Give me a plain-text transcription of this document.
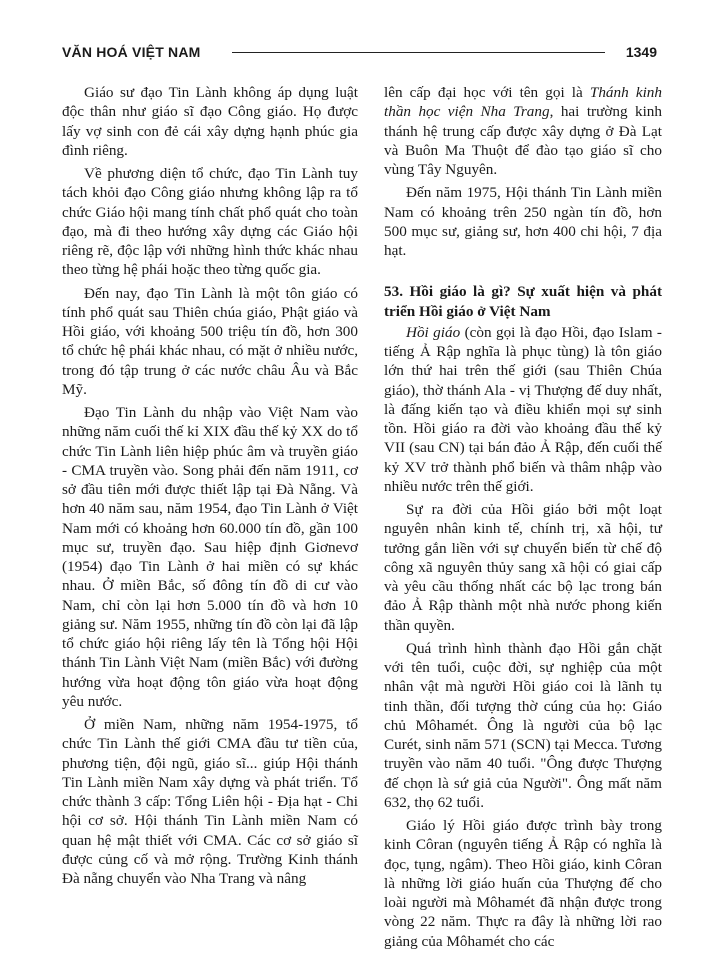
VĂN HOÁ VIỆT NAM	1349

Giáo sư đạo Tin Lành không áp dụng luật độc thân như giáo sĩ đạo Công giáo. Họ được lấy vợ sinh con đẻ cái xây dựng hạnh phúc gia đình riêng.

Về phương diện tổ chức, đạo Tin Lành tuy tách khỏi đạo Công giáo nhưng không lập ra tổ chức Giáo hội mang tính chất phổ quát cho toàn đạo, mà đi theo hướng xây dựng các Giáo hội riêng rẽ, độc lập với những hình thức khác nhau theo từng hệ phái hoặc theo từng quốc gia.

Đến nay, đạo Tin Lành là một tôn giáo có tính phổ quát sau Thiên chúa giáo, Phật giáo và Hồi giáo, với khoảng 500 triệu tín đồ, hơn 300 tổ chức hệ phái khác nhau, có mặt ở nhiều nước, trong đó tập trung ở các nước châu Âu và Bắc Mỹ.

Đạo Tin Lành du nhập vào Việt Nam vào những năm cuối thế kỉ XIX đầu thế kỷ XX do tổ chức Tin Lành liên hiệp phúc âm và truyền giáo - CMA truyền vào. Song phải đến năm 1911, cơ sở đầu tiên mới được thiết lập tại Đà Nẵng. Và hơn 40 năm sau, năm 1954, đạo Tin Lành ở Việt Nam mới có khoảng hơn 60.000 tín đồ, gần 100 mục sư, truyền đạo. Sau hiệp định Giơnevơ (1954) đạo Tin Lành ở hai miền có sự khác nhau. Ở miền Bắc, số đông tín đồ di cư vào Nam, chỉ còn lại hơn 5.000 tín đồ và hơn 10 giảng sư. Năm 1955, những tín đồ còn lại đã lập tổ chức giáo hội riêng lấy tên là Tổng hội Hội thánh Tin Lành Việt Nam (miền Bắc) với đường hướng vừa hoạt động tôn giáo vừa hoạt động yêu nước.

Ở miền Nam, những năm 1954-1975, tổ chức Tin Lành thế giới CMA đầu tư tiền của, phương tiện, đội ngũ, giáo sĩ... giúp Hội thánh Tin Lành miền Nam xây dựng và phát triển. Tổ chức thành 3 cấp: Tổng Liên hội - Địa hạt - Chi hội cơ sở. Hội thánh Tin Lành miền Nam có quan hệ mật thiết với CMA. Các cơ sở giáo sĩ được củng cố và mở rộng. Trường Kinh thánh Đà nẵng chuyển vào Nha Trang và nâng

lên cấp đại học với tên gọi là Thánh kinh thần học viện Nha Trang, hai trường kinh thánh hệ trung cấp được xây dựng ở Đà Lạt và Buôn Ma Thuột để đào tạo giáo sĩ cho vùng Tây Nguyên.

Đến năm 1975, Hội thánh Tin Lành miền Nam có khoảng trên 250 ngàn tín đồ, hơn 500 mục sư, giảng sư, hơn 400 chi hội, 7 địa hạt.

53. Hồi giáo là gì? Sự xuất hiện và phát triển Hồi giáo ở Việt Nam

Hồi giáo (còn gọi là đạo Hồi, đạo Islam - tiếng Ả Rập nghĩa là phục tùng) là tôn giáo lớn thứ hai trên thế giới (sau Thiên Chúa giáo), thờ thánh Ala - vị Thượng đế duy nhất, là đấng kiến tạo và điều khiển mọi sự sinh tồn. Hồi giáo ra đời vào khoảng đầu thế kỷ VII (sau CN) tại bán đảo Ả Rập, đến cuối thế kỷ XV trở thành phổ biến và thâm nhập vào nhiều nước trên thế giới.

Sự ra đời của Hồi giáo bởi một loạt nguyên nhân kinh tế, chính trị, xã hội, tư tưởng gắn liền với sự chuyển biến từ chế độ công xã nguyên thủy sang xã hội có giai cấp và yêu cầu thống nhất các bộ lạc trong bán đảo Ả Rập thành một nhà nước phong kiến thần quyền.

Quá trình hình thành đạo Hồi gắn chặt với tên tuổi, cuộc đời, sự nghiệp của một nhân vật mà người Hồi giáo coi là lãnh tụ tinh thần, đối tượng thờ cúng của họ: Giáo chủ Môhamét. Ông là người của bộ lạc Curét, sinh năm 571 (SCN) tại Mecca. Tương truyền vào năm 40 tuổi. "Ông được Thượng đế chọn là sứ giả của Người". Ông mất năm 632, thọ 62 tuổi.

Giáo lý Hồi giáo được trình bày trong kinh Côran (nguyên tiếng Ả Rập có nghĩa là đọc, tụng, ngâm). Theo Hồi giáo, kinh Côran là những lời giáo huấn của Thượng đế cho loài người mà Môhamét đã nhận được trong vòng 22 năm. Thực ra đây là những lời rao giảng của Môhamét cho các
